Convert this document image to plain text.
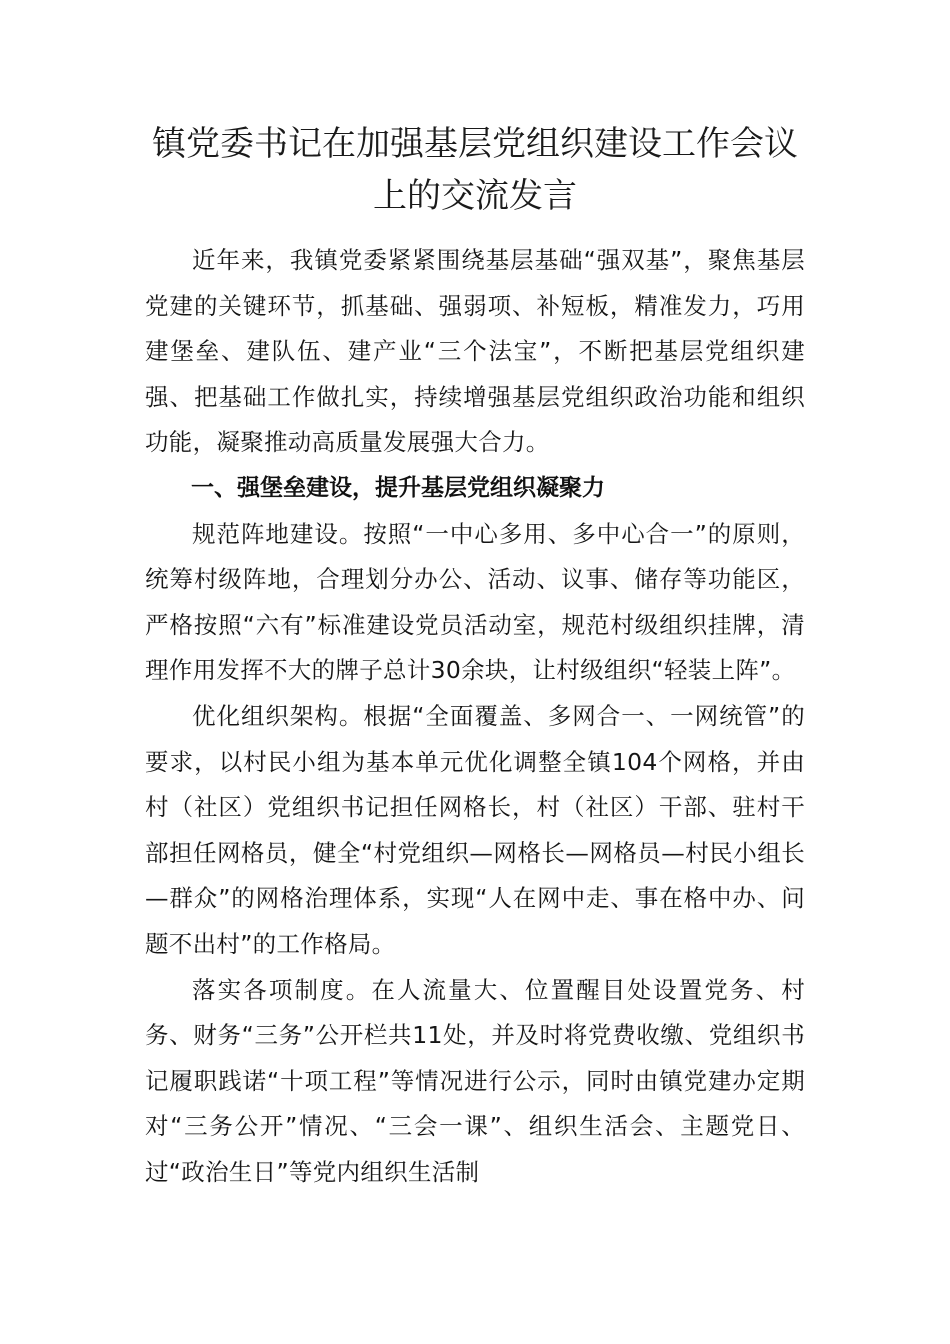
镇党委书记在加强基层党组织建设工作会议上的交流发言

近年来，我镇党委紧紧围绕基层基础“强双基”，聚焦基层党建的关键环节，抓基础、强弱项、补短板，精准发力，巧用建堡垒、建队伍、建产业“三个法宝”，不断把基层党组织建强、把基础工作做扎实，持续增强基层党组织政治功能和组织功能，凝聚推动高质量发展强大合力。

一、强堡垒建设，提升基层党组织凝聚力

规范阵地建设。按照“一中心多用、多中心合一”的原则，统筹村级阵地，合理划分办公、活动、议事、储存等功能区，严格按照“六有”标准建设党员活动室，规范村级组织挂牌，清理作用发挥不大的牌子总计30余块，让村级组织“轻装上阵”。

优化组织架构。根据“全面覆盖、多网合一、一网统管”的要求，以村民小组为基本单元优化调整全镇104个网格，并由村（社区）党组织书记担任网格长，村（社区）干部、驻村干部担任网格员，健全“村党组织—网格长—网格员—村民小组长—群众”的网格治理体系，实现“人在网中走、事在格中办、问题不出村”的工作格局。

落实各项制度。在人流量大、位置醒目处设置党务、村务、财务“三务”公开栏共11处，并及时将党费收缴、党组织书记履职践诺“十项工程”等情况进行公示，同时由镇党建办定期对“三务公开”情况、“三会一课”、组织生活会、主题党日、过“政治生日”等党内组织生活制
